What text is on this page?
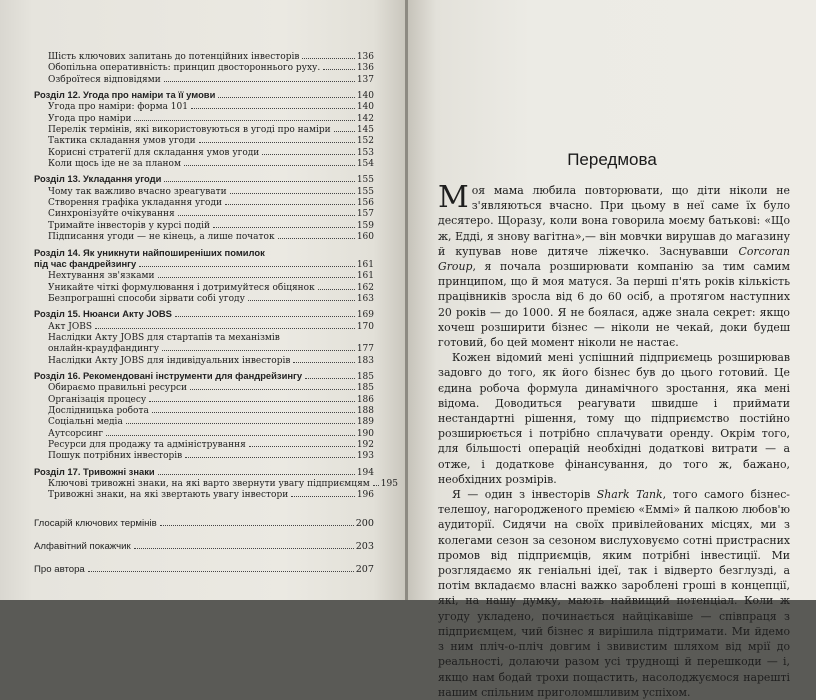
Шість ключових запитань до потенційних інвесторів	136
Обопільна оперативність: принцип двостороннього руху.	136
Озброїтеся відповідями	137
Розділ 12. Угода про наміри та її умови	140
Угода про наміри: форма 101	140
Угода про наміри	142
Перелік термінів, які використовуються в угоді про наміри	145
Тактика складання умов угоди	152
Корисні стратегії для складання умов угоди	153
Коли щось іде не за планом	154
Розділ 13. Укладання угоди	155
Чому так важливо вчасно зреагувати	155
Створення графіка укладання угоди	156
Синхронізуйте очікування	157
Тримайте інвесторів у курсі подій	159
Підписання угоди — не кінець, а лише початок	160
Розділ 14. Як уникнути найпоширеніших помилок
під час фандрейзингу	161
Нехтування зв'язками	161
Уникайте чіткі формулювання і дотримуйтеся обіцянок	162
Безпрограшні способи зірвати собі угоду	163
Розділ 15. Нюанси Акту JOBS	169
Акт JOBS	170
Наслідки Акту JOBS для стартапів та механізмів
онлайн-краудфандингу	177
Наслідки Акту JOBS для індивідуальних інвесторів	183
Розділ 16. Рекомендовані інструменти для фандрейзингу	185
Обираємо правильні ресурси	185
Організація процесу	186
Дослідницька робота	188
Соціальні медіа	189
Аутсорсинг	190
Ресурси для продажу та адміністрування	192
Пошук потрібних інвесторів	193
Розділ 17. Тривожні знаки	194
Ключові тривожні знаки, на які варто звернути увагу підприємцям 195
Тривожні знаки, на які звертають увагу інвестори	196
Глосарій ключових термінів	200
Алфавітний покажчик	203
Про автора	207
Передмова

Моя мама любила повторювати, що діти ніколи не з'являються вчасно. При цьому в неї саме їх було десятеро. Щоразу, коли вона говорила моєму батькові: «Що ж, Едді, я знову вагітна»,— він мовчки вирушав до магазину й купував нове дитяче ліжечко. Заснувавши Corcoran Group, я почала розширювати компанію за тим самим принципом, що й моя матуся. За перші п'ять років кількість працівників зросла від 6 до 60 осіб, а протягом наступних 20 років — до 1000. Я не боялася, адже знала секрет: якщо хочеш розширити бізнес — ніколи не чекай, доки будеш готовий, бо цей момент ніколи не настає.

Кожен відомий мені успішний підприємець розширював задовго до того, як його бізнес був до цього готовий. Це єдина робоча формула динамічного зростання, яка мені відома. Доводиться реагувати швидше і приймати нестандартні рішення, тому що підприємство постійно розширюється і потрібно сплачувати оренду. Окрім того, для більшості операцій необхідні додаткові витрати — а отже, і додаткове фінансування, до того ж, бажано, необхідних розмірів.

Я — один з інвесторів Shark Tank, того самого бізнес-телешоу, нагородженого премією «Еммі» й палкою любов'ю аудиторії. Сидячи на своїх привілейованих місцях, ми з колегами сезон за сезоном вислуховуємо сотні пристрасних промов від підприємців, яким потрібні інвестиції. Ми розглядаємо як геніальні ідеї, так і відверто безглузді, а потім вкладаємо власні важко зароблені гроші в концепції, які, на нашу думку, мають найвищий потенціал. Коли ж угоду укладено, починається найцікавіше — співпраця з підприємцем, чий бізнес я вирішила підтримати. Ми йдемо з ним пліч-о-пліч довгим і звивистим шляхом від мрії до реальності, долаючи разом усі труднощі й перешкоди — і, якщо нам бодай трохи пощастить, насолоджуємося нарешті нашим спільним приголомшливим успіхом.
